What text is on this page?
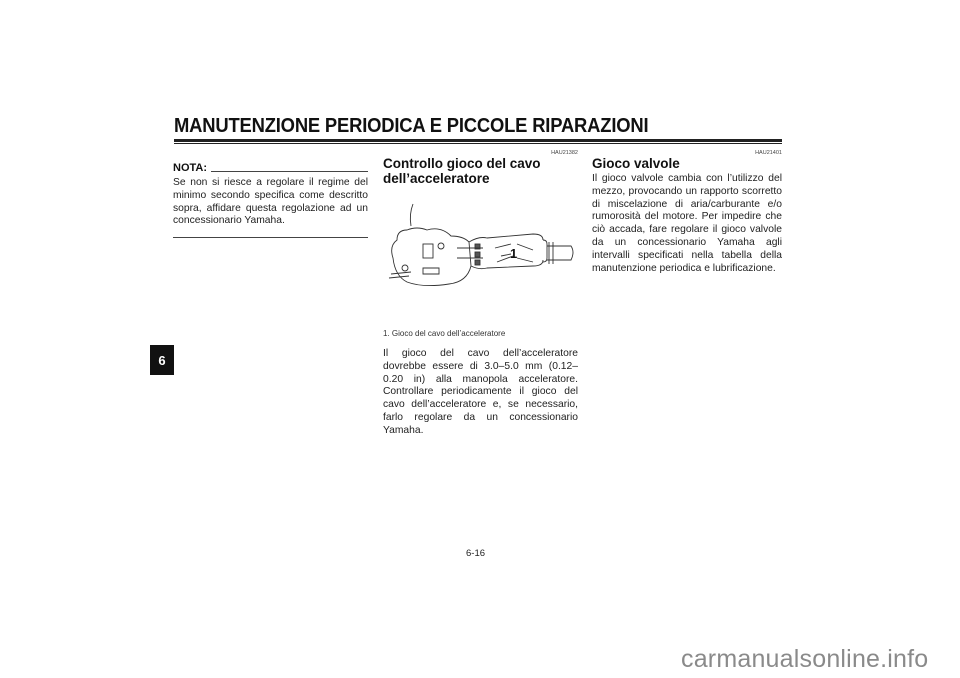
MANUTENZIONE PERIODICA E PICCOLE RIPARAZIONI
6
NOTA:

Se non si riesce a regolare il regime del minimo secondo specifica come descritto sopra, affidare questa regolazione ad un concessionario Yamaha.

HAU21382
Controllo gioco del cavo dell’acceleratore
1
1. Gioco del cavo dell’acceleratore

Il gioco del cavo dell’acceleratore dovrebbe essere di 3.0–5.0 mm (0.12–0.20 in) alla manopola acceleratore. Controllare periodicamente il gioco del cavo dell’acceleratore e, se necessario, farlo regolare da un concessionario Yamaha.

HAU21401
Gioco valvole

Il gioco valvole cambia con l’utilizzo del mezzo, provocando un rapporto scorretto di miscelazione di aria/carburante e/o rumorosità del motore. Per impedire che ciò accada, fare regolare il gioco valvole da un concessionario Yamaha agli intervalli specificati nella tabella della manutenzione periodica e lubrificazione.

6-16
carmanualsonline.info
